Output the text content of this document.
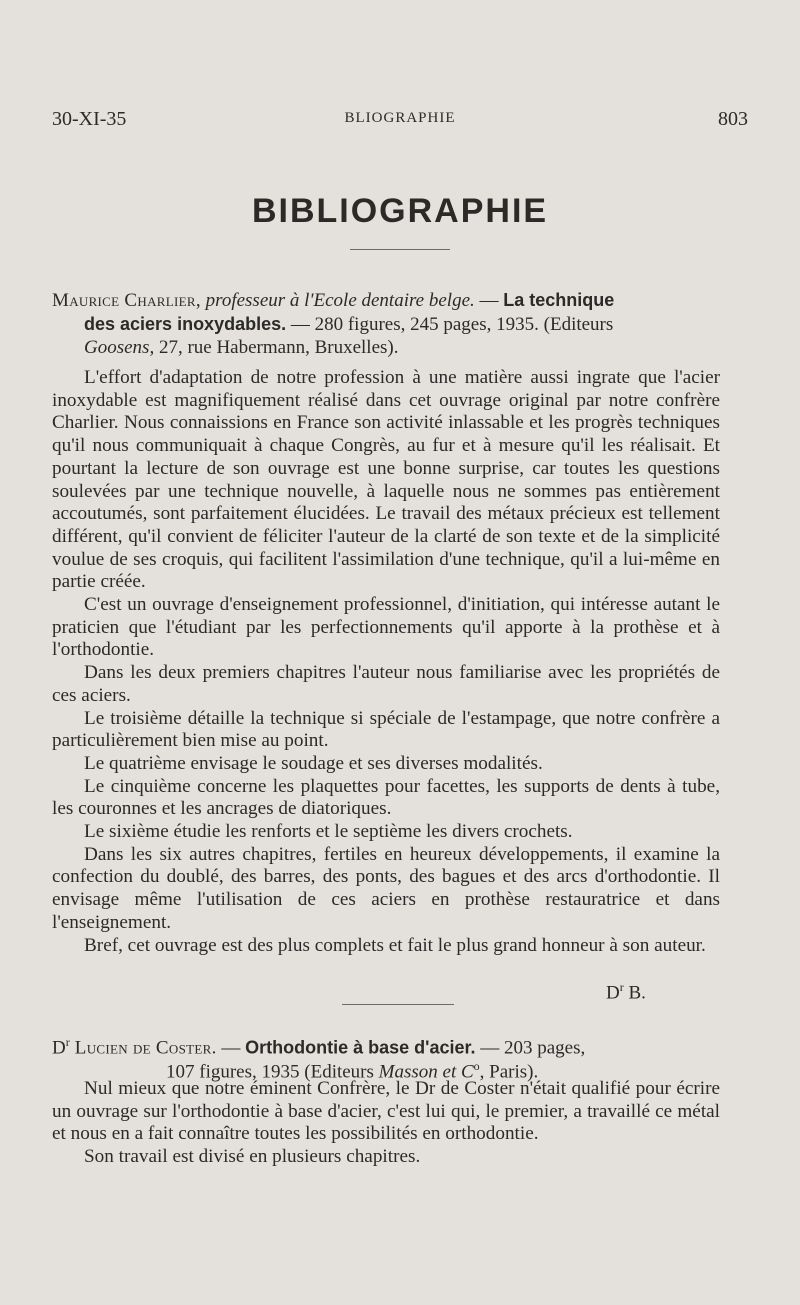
30-XI-35	BLIOGRAPHIE	803
BIBLIOGRAPHIE
Maurice Charlier, professeur à l'Ecole dentaire belge. — La technique
des aciers inoxydables. — 280 figures, 245 pages, 1935. (Editeurs
Goosens, 27, rue Habermann, Bruxelles).

L'effort d'adaptation de notre profession à une matière aussi ingrate que l'acier inoxydable est magnifiquement réalisé dans cet ouvrage original par notre confrère Charlier. Nous connaissions en France son activité inlassable et les progrès techniques qu'il nous communiquait à chaque Congrès, au fur et à mesure qu'il les réalisait. Et pourtant la lecture de son ouvrage est une bonne surprise, car toutes les questions soulevées par une technique nouvelle, à laquelle nous ne sommes pas entièrement accoutumés, sont parfaitement élucidées. Le travail des métaux précieux est tellement différent, qu'il convient de féliciter l'auteur de la clarté de son texte et de la simplicité voulue de ses croquis, qui facilitent l'assimilation d'une technique, qu'il a lui-même en partie créée.

C'est un ouvrage d'enseignement professionnel, d'initiation, qui intéresse autant le praticien que l'étudiant par les perfectionnements qu'il apporte à la prothèse et à l'orthodontie.

Dans les deux premiers chapitres l'auteur nous familiarise avec les propriétés de ces aciers.

Le troisième détaille la technique si spéciale de l'estampage, que notre confrère a particulièrement bien mise au point.

Le quatrième envisage le soudage et ses diverses modalités.

Le cinquième concerne les plaquettes pour facettes, les supports de dents à tube, les couronnes et les ancrages de diatoriques.

Le sixième étudie les renforts et le septième les divers crochets.

Dans les six autres chapitres, fertiles en heureux développements, il examine la confection du doublé, des barres, des ponts, des bagues et des arcs d'orthodontie. Il envisage même l'utilisation de ces aciers en prothèse restauratrice et dans l'enseignement.

Bref, cet ouvrage est des plus complets et fait le plus grand honneur à son auteur.

$D^r$ B.
$D^r$ Lucien de Coster. — Orthodontie à base d'acier. — 203 pages,
107 figures, 1935 (Editeurs Masson et $C^o$, Paris).

Nul mieux que notre éminent Confrère, le Dr de Coster n'était qualifié pour écrire un ouvrage sur l'orthodontie à base d'acier, c'est lui qui, le premier, a travaillé ce métal et nous en a fait connaître toutes les possibilités en orthodontie.

Son travail est divisé en plusieurs chapitres.
